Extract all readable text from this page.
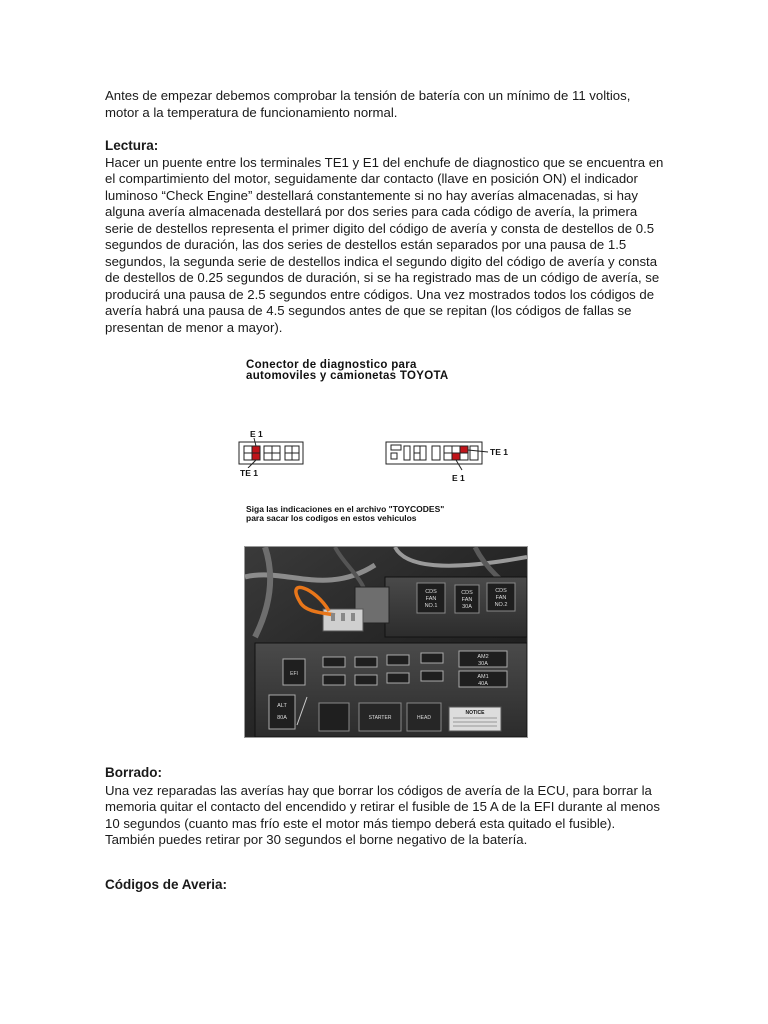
Antes de empezar debemos comprobar la tensión de batería con un mínimo de 11 voltios, motor a la temperatura de funcionamiento normal.

Lectura:

Hacer un puente entre los terminales TE1 y E1 del enchufe de diagnostico que se encuentra en el compartimiento del motor, seguidamente dar contacto (llave en posición ON) el indicador luminoso “Check Engine” destellará constantemente si no hay averías almacenadas, si hay alguna avería almacenada destellará por dos series para cada código de avería, la primera serie de destellos representa el primer digito del código de avería y consta de destellos de 0.5 segundos de duración, las dos series de destellos están separados por una pausa de 1.5 segundos, la segunda serie de destellos indica el segundo digito del código de avería y consta de destellos de 0.25 segundos de duración, si se ha registrado mas de un código de avería, se producirá una pausa de 2.5 segundos entre códigos. Una vez mostrados todos los códigos de avería habrá una pausa de 4.5 segundos antes de que se repitan (los códigos de fallas se presentan de menor a mayor).

Conector de diagnostico para
automoviles y camionetas TOYOTA
E 1
TE 1
TE 1
E 1
Siga las indicaciones en el archivo "TOYCODES"
para sacar los codigos en estos vehiculos
CDS
FAN
NO.1
CDS
FAN
30A
CDS
FAN
NO.2
EFI
AM2
30A
AM1
40A
ALT
80A	STARTER	HEAD
NOTICE

Borrado:

Una vez reparadas las averías hay que borrar los códigos de avería de la ECU, para borrar la memoria quitar el contacto del encendido y retirar el fusible de 15 A de la EFI durante al menos 10 segundos (cuanto mas frío este el motor más tiempo deberá esta quitado el fusible). También puedes retirar por 30 segundos el borne negativo de la batería.

Códigos de Averia:
